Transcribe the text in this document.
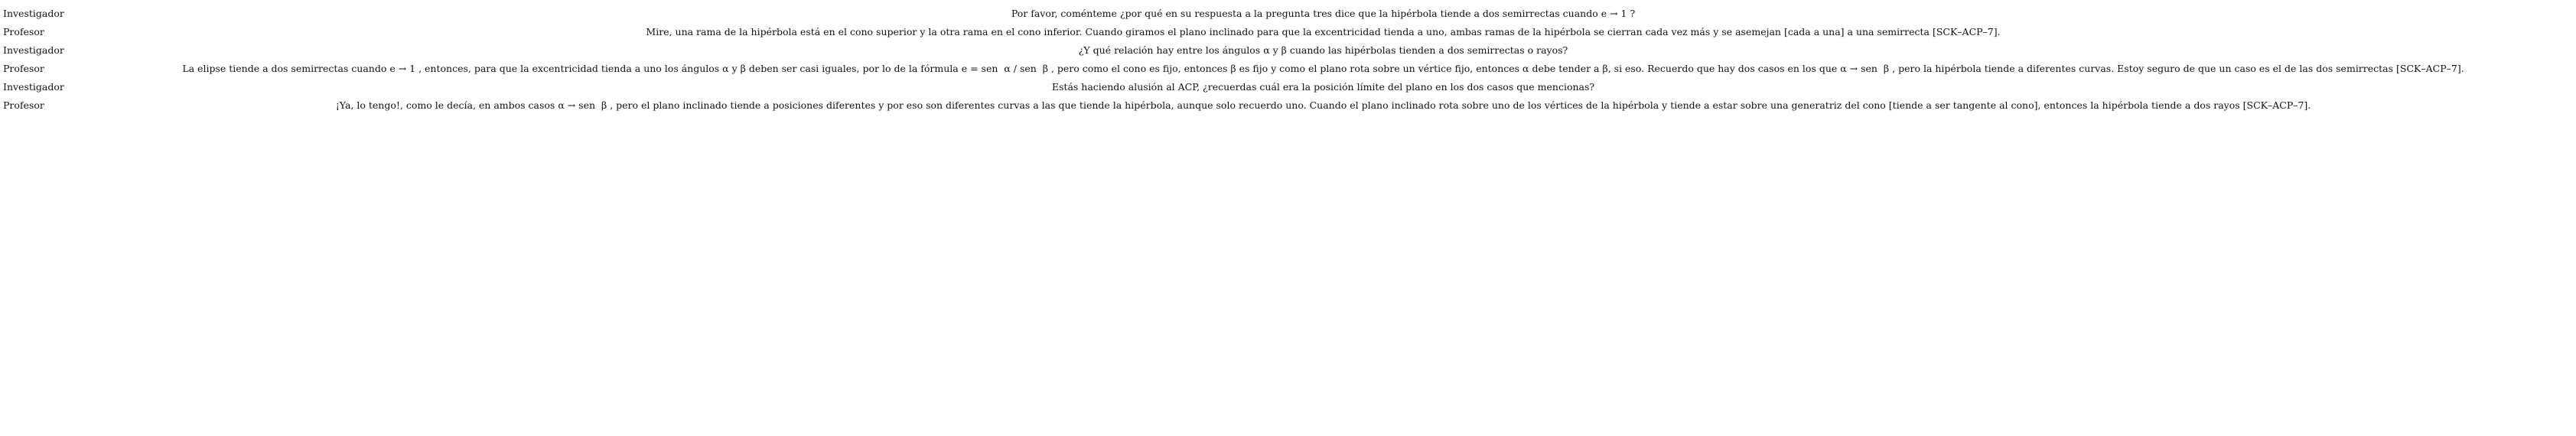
Investigador	Por favor, coménteme ¿por qué en su respuesta a la pregunta tres dice que la hipérbola tiende a dos semirrectas cuando e → 1 ?
Profesor	Mire, una rama de la hipérbola está en el cono superior y la otra rama en el cono inferior. Cuando giramos el plano inclinado para que la excentricidad tienda a uno, ambas ramas de la hipérbola se cierran cada vez más y se asemejan [cada a una] a una semirrecta [SCK–ACP–7].
Investigador	¿Y qué relación hay entre los ángulos α y β cuando las hipérbolas tienden a dos semirrectas o rayos?
Profesor	La elipse tiende a dos semirrectas cuando e → 1 , entonces, para que la excentricidad tienda a uno los ángulos α y β deben ser casi iguales, por lo de la fórmula e = sen ⁡ α / sen ⁡ β , pero como el cono es fijo, entonces β es fijo y como el plano rota sobre un vértice fijo, entonces α debe tender a β, si eso. Recuerdo que hay dos casos en los que α → sen ⁡ β , pero la hipérbola tiende a diferentes curvas. Estoy seguro de que un caso es el de las dos semirrectas [SCK–ACP–7].
Investigador	Estás haciendo alusión al ACP, ¿recuerdas cuál era la posición límite del plano en los dos casos que mencionas?
Profesor	¡Ya, lo tengo!, como le decía, en ambos casos α → sen ⁡ β , pero el plano inclinado tiende a posiciones diferentes y por eso son diferentes curvas a las que tiende la hipérbola, aunque solo recuerdo uno. Cuando el plano inclinado rota sobre uno de los vértices de la hipérbola y tiende a estar sobre una generatriz del cono [tiende a ser tangente al cono], entonces la hipérbola tiende a dos rayos [SCK–ACP–7].
